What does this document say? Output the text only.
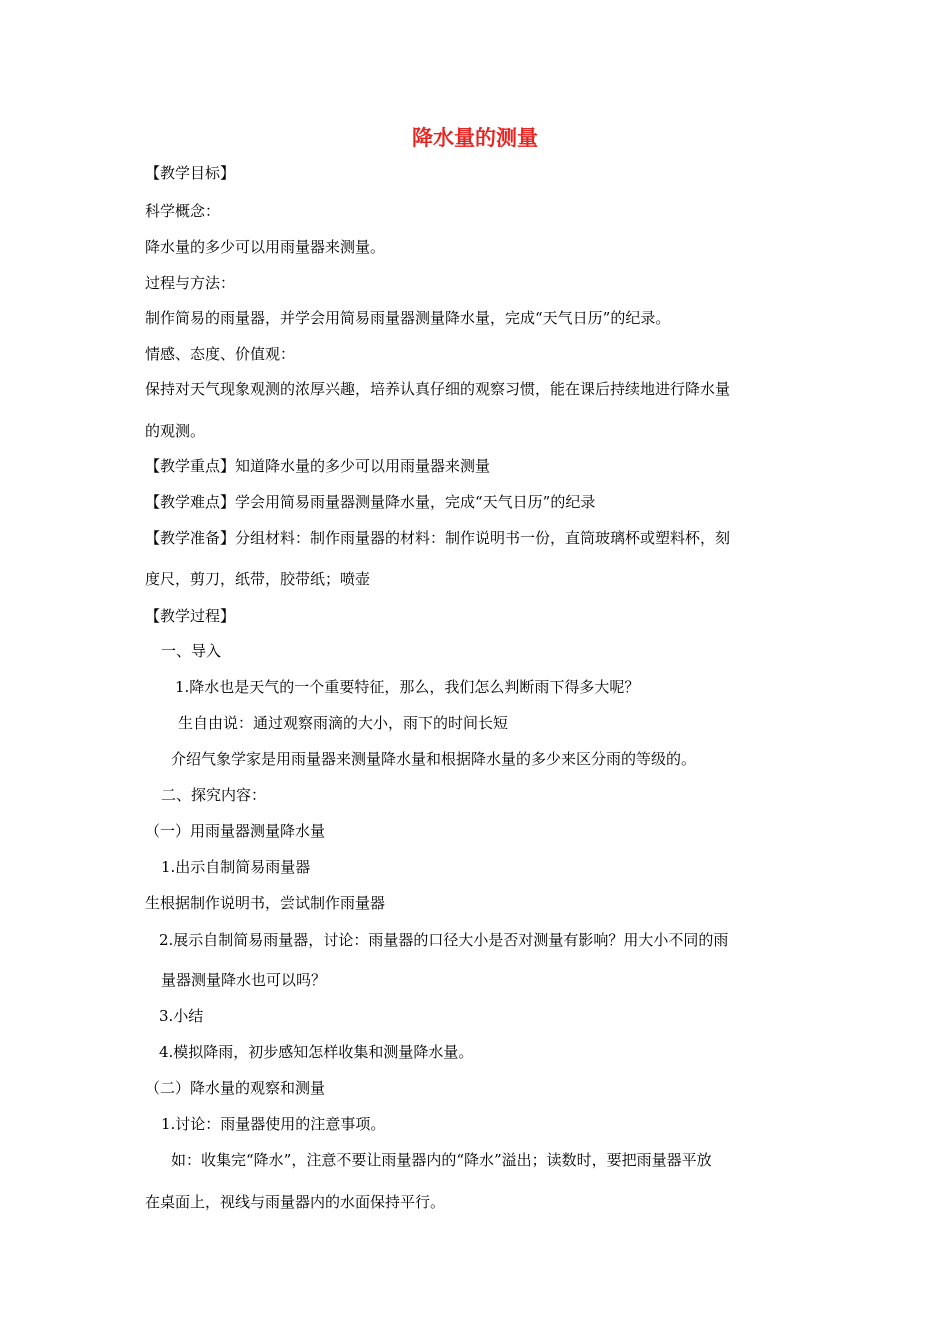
降水量的测量
【教学目标】
科学概念：
降水量的多少可以用雨量器来测量。
过程与方法：
制作简易的雨量器，并学会用简易雨量器测量降水量，完成“天气日历”的纪录。
情感、态度、价值观：
保持对天气现象观测的浓厚兴趣，培养认真仔细的观察习惯，能在课后持续地进行降水量
的观测。
【教学重点】知道降水量的多少可以用雨量器来测量
【教学难点】学会用简易雨量器测量降水量，完成“天气日历”的纪录
【教学准备】分组材料：制作雨量器的材料：制作说明书一份，直筒玻璃杯或塑料杯，刻
度尺，剪刀，纸带，胶带纸；喷壶
【教学过程】
一、导入
1.降水也是天气的一个重要特征，那么，我们怎么判断雨下得多大呢？
生自由说：通过观察雨滴的大小，雨下的时间长短
介绍气象学家是用雨量器来测量降水量和根据降水量的多少来区分雨的等级的。
二、探究内容：
（一）用雨量器测量降水量
1.出示自制简易雨量器
生根据制作说明书，尝试制作雨量器
2.展示自制简易雨量器，讨论：雨量器的口径大小是否对测量有影响？用大小不同的雨
量器测量降水也可以吗？
3.小结
4.模拟降雨，初步感知怎样收集和测量降水量。
（二）降水量的观察和测量
1.讨论：雨量器使用的注意事项。
如：收集完“降水”，注意不要让雨量器内的“降水”溢出；读数时，要把雨量器平放
在桌面上，视线与雨量器内的水面保持平行。
